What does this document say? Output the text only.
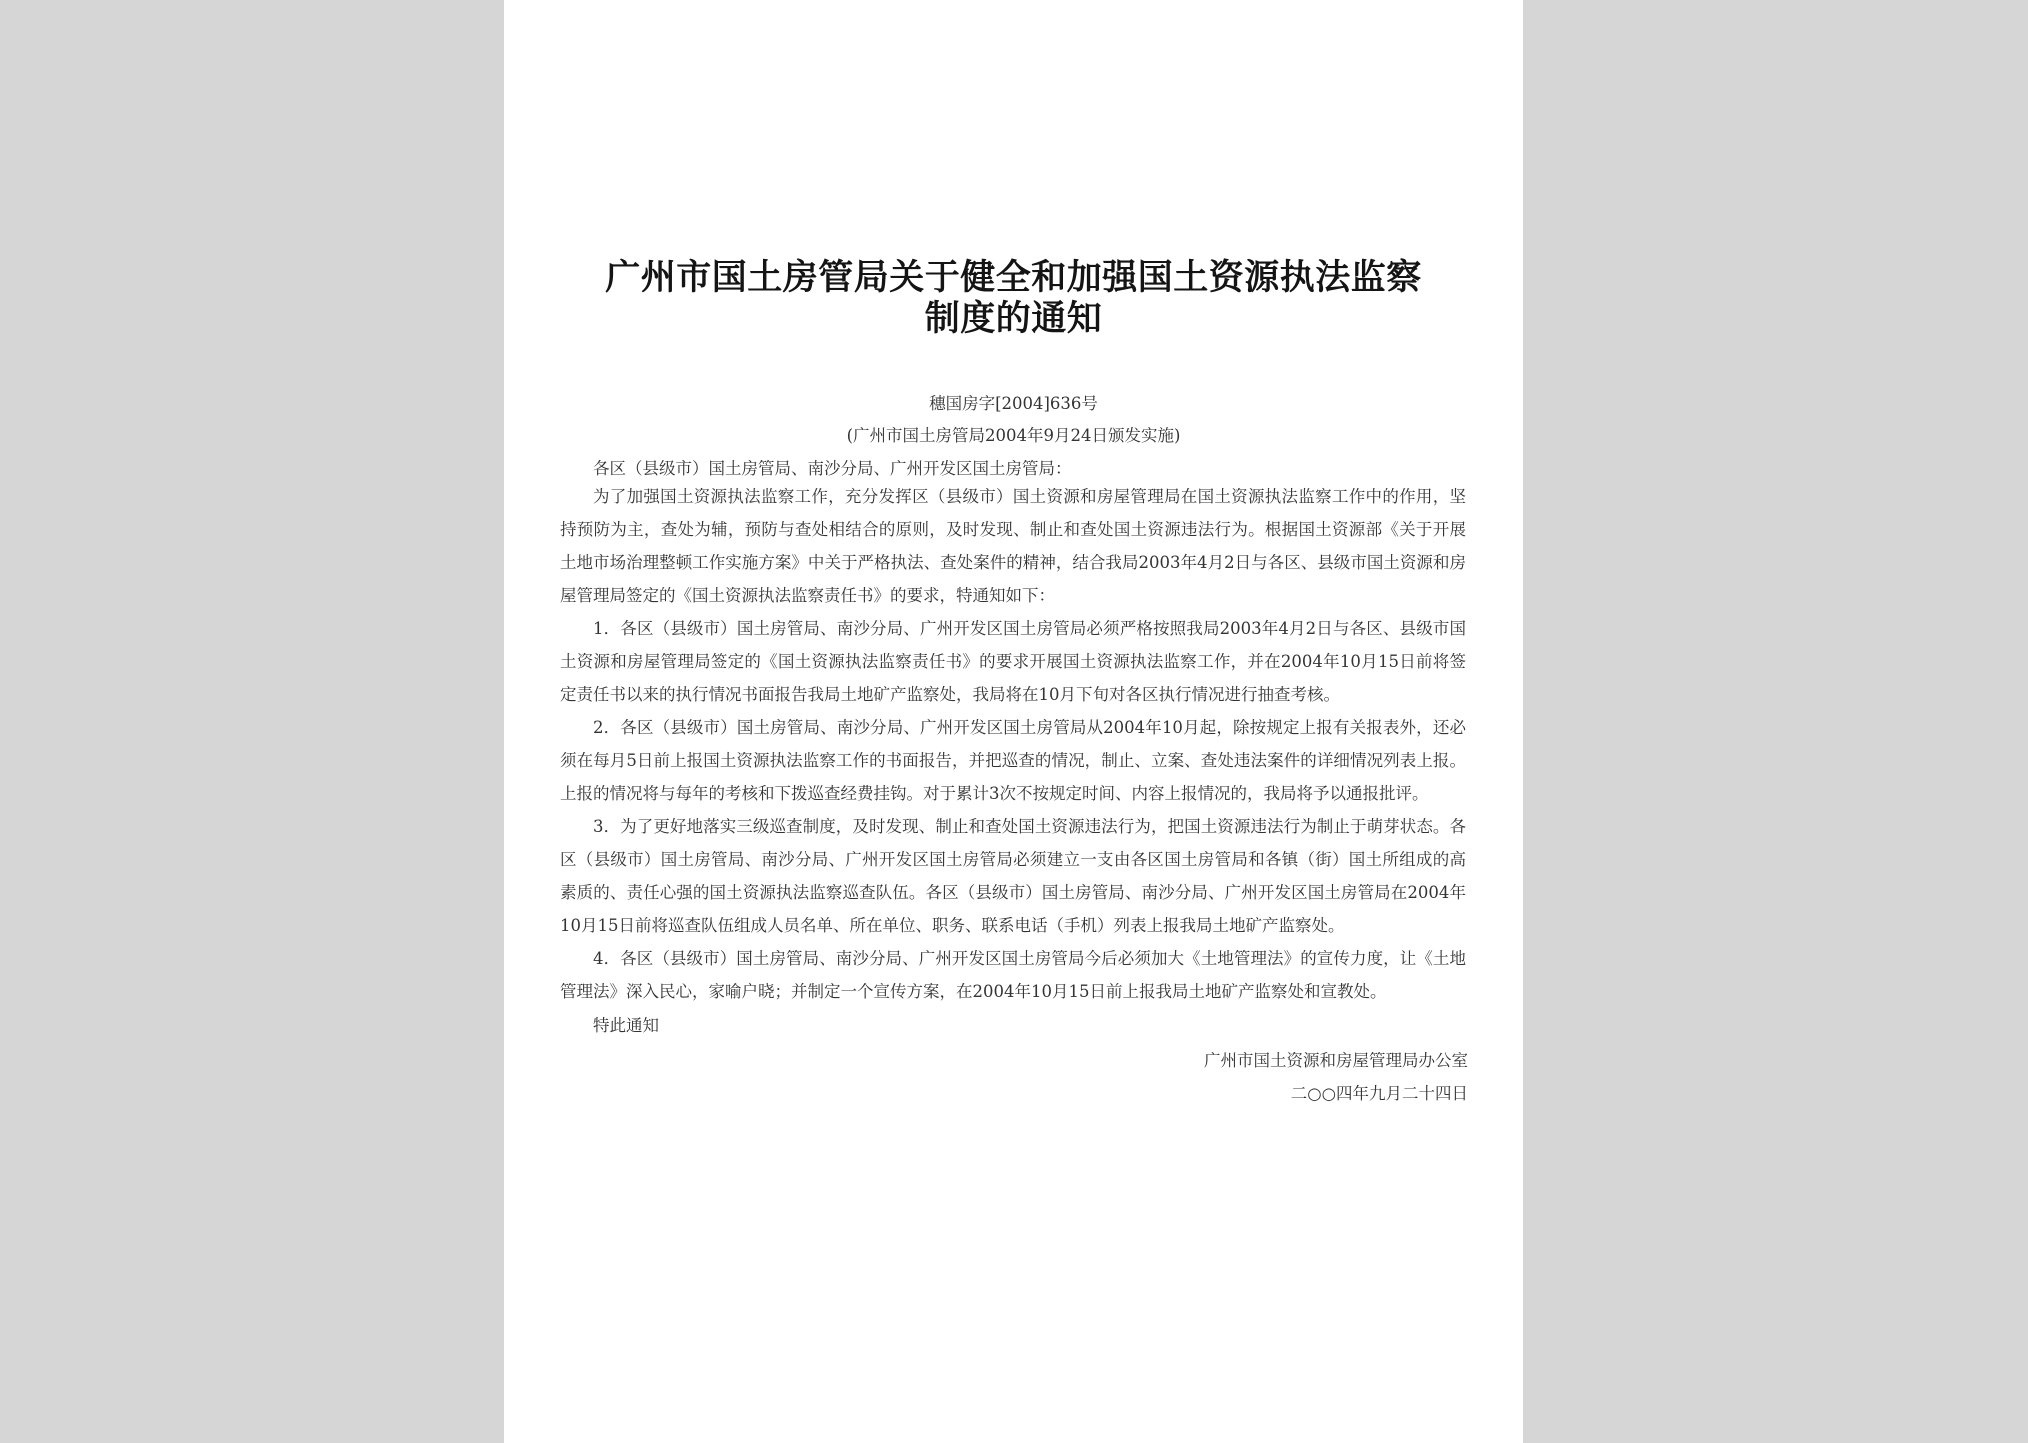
广州市国土房管局关于健全和加强国土资源执法监察
制度的通知
穗国房字[2004]636号
(广州市国土房管局2004年9月24日颁发实施)
各区（县级市）国土房管局、南沙分局、广州开发区国土房管局：
为了加强国土资源执法监察工作，充分发挥区（县级市）国土资源和房屋管理局在国土资源执法监察工作中的作用，坚持预防为主，查处为辅，预防与查处相结合的原则，及时发现、制止和查处国土资源违法行为。根据国土资源部《关于开展土地市场治理整顿工作实施方案》中关于严格执法、查处案件的精神，结合我局2003年4月2日与各区、县级市国土资源和房屋管理局签定的《国土资源执法监察责任书》的要求，特通知如下：
1．各区（县级市）国土房管局、南沙分局、广州开发区国土房管局必须严格按照我局2003年4月2日与各区、县级市国土资源和房屋管理局签定的《国土资源执法监察责任书》的要求开展国土资源执法监察工作，并在2004年10月15日前将签定责任书以来的执行情况书面报告我局土地矿产监察处，我局将在10月下旬对各区执行情况进行抽查考核。
2．各区（县级市）国土房管局、南沙分局、广州开发区国土房管局从2004年10月起，除按规定上报有关报表外，还必须在每月5日前上报国土资源执法监察工作的书面报告，并把巡查的情况，制止、立案、查处违法案件的详细情况列表上报。上报的情况将与每年的考核和下拨巡查经费挂钩。对于累计3次不按规定时间、内容上报情况的，我局将予以通报批评。
3．为了更好地落实三级巡查制度，及时发现、制止和查处国土资源违法行为，把国土资源违法行为制止于萌芽状态。各区（县级市）国土房管局、南沙分局、广州开发区国土房管局必须建立一支由各区国土房管局和各镇（街）国土所组成的高素质的、责任心强的国土资源执法监察巡查队伍。各区（县级市）国土房管局、南沙分局、广州开发区国土房管局在2004年10月15日前将巡查队伍组成人员名单、所在单位、职务、联系电话（手机）列表上报我局土地矿产监察处。
4．各区（县级市）国土房管局、南沙分局、广州开发区国土房管局今后必须加大《土地管理法》的宣传力度，让《土地管理法》深入民心，家喻户晓；并制定一个宣传方案，在2004年10月15日前上报我局土地矿产监察处和宣教处。
特此通知
广州市国土资源和房屋管理局办公室
二○○四年九月二十四日
